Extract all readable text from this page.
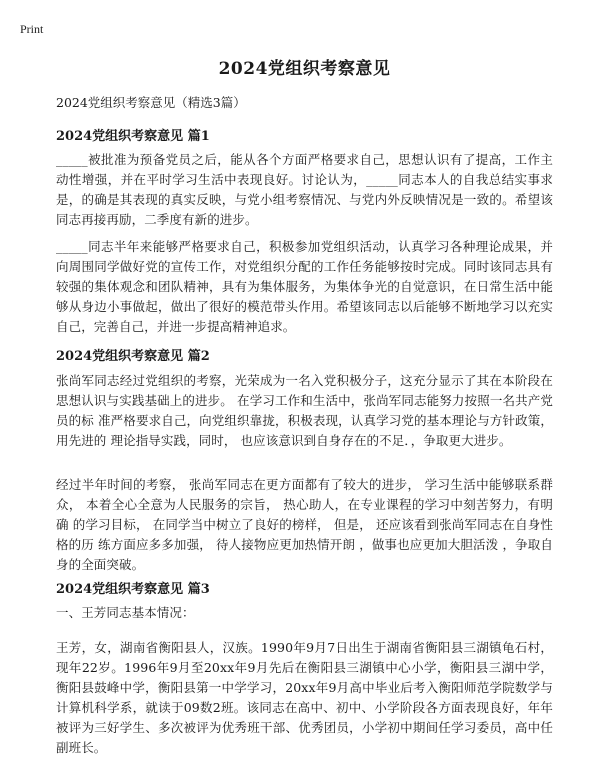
Print
2024党组织考察意见

2024党组织考察意见（精选3篇）

2024党组织考察意见 篇1

_____被批准为预备党员之后，能从各个方面严格要求自己，思想认识有了提高，工作主动性增强，并在平时学习生活中表现良好。讨论认为，_____同志本人的自我总结实事求是，的确是其表现的真实反映，与党小组考察情况、与党内外反映情况是一致的。希望该同志再接再励，二季度有新的进步。

_____同志半年来能够严格要求自己，积极参加党组织活动，认真学习各种理论成果，并向周围同学做好党的宣传工作，对党组织分配的工作任务能够按时完成。同时该同志具有较强的集体观念和团队精神，具有为集体服务，为集体争光的自觉意识，在日常生活中能够从身边小事做起，做出了很好的模范带头作用。希望该同志以后能够不断地学习以充实自己，完善自己，并进一步提高精神追求。

2024党组织考察意见 篇2

张尚军同志经过党组织的考察，光荣成为一名入党积极分子，这充分显示了其在本阶段在 思想认识与实践基础上的进步。 在学习工作和生活中，张尚军同志能努力按照一名共产党员的标 准严格要求自己，向党组织靠拢，积极表现，认真学习党的基本理论与方针政策，用先进的 理论指导实践，同时， 也应该意识到自身存在的不足．，争取更大进步。

经过半年时间的考察， 张尚军同志在更方面都有了较大的进步， 学习生活中能够联系群 众， 本着全心全意为人民服务的宗旨， 热心助人，在专业课程的学习中刻苦努力，有明确 的学习目标， 在同学当中树立了良好的榜样， 但是， 还应该看到张尚军同志在自身性格的历 练方面应多多加强， 待人接物应更加热情开朗 ，做事也应更加大胆活泼 ，争取自身的全面突破。

2024党组织考察意见 篇3

一、王芳同志基本情况：

王芳，女，湖南省衡阳县人，汉族。1990年9月7日出生于湖南省衡阳县三湖镇龟石村，现年22岁。1996年9月至20xx年9月先后在衡阳县三湖镇中心小学，衡阳县三湖中学，衡阳县鼓峰中学，衡阳县第一中学学习，20xx年9月高中毕业后考入衡阳师范学院数学与计算机科学系，就读于09数2班。该同志在高中、初中、小学阶段各方面表现良好，年年被评为三好学生、多次被评为优秀班干部、优秀团员，小学初中期间任学习委员，高中任副班长。
